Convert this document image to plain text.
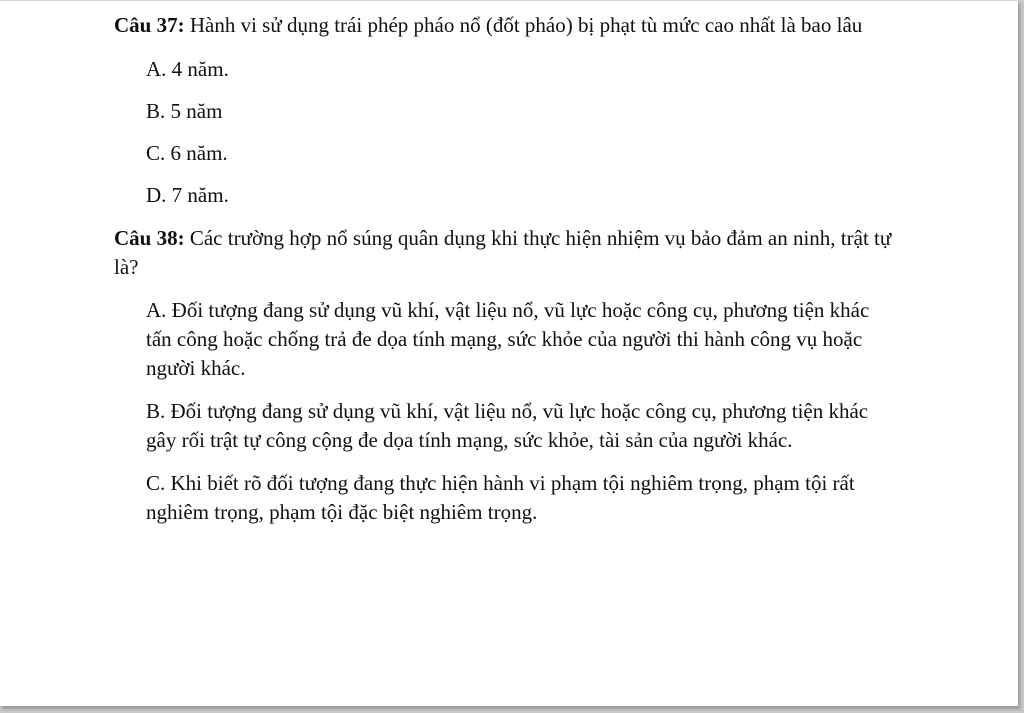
Câu 37: Hành vi sử dụng trái phép pháo nổ (đốt pháo) bị phạt tù mức cao nhất là bao lâu

A. 4 năm.
B. 5 năm
C. 6 năm.
D. 7 năm.

Câu 38: Các trường hợp nổ súng quân dụng khi thực hiện nhiệm vụ bảo đảm an ninh, trật tự là?

A. Đối tượng đang sử dụng vũ khí, vật liệu nổ, vũ lực hoặc công cụ, phương tiện khác tấn công hoặc chống trả đe dọa tính mạng, sức khỏe của người thi hành công vụ hoặc người khác.
B. Đối tượng đang sử dụng vũ khí, vật liệu nổ, vũ lực hoặc công cụ, phương tiện khác gây rối trật tự công cộng đe dọa tính mạng, sức khỏe, tài sản của người khác.
C. Khi biết rõ đối tượng đang thực hiện hành vi phạm tội nghiêm trọng, phạm tội rất nghiêm trọng, phạm tội đặc biệt nghiêm trọng.
